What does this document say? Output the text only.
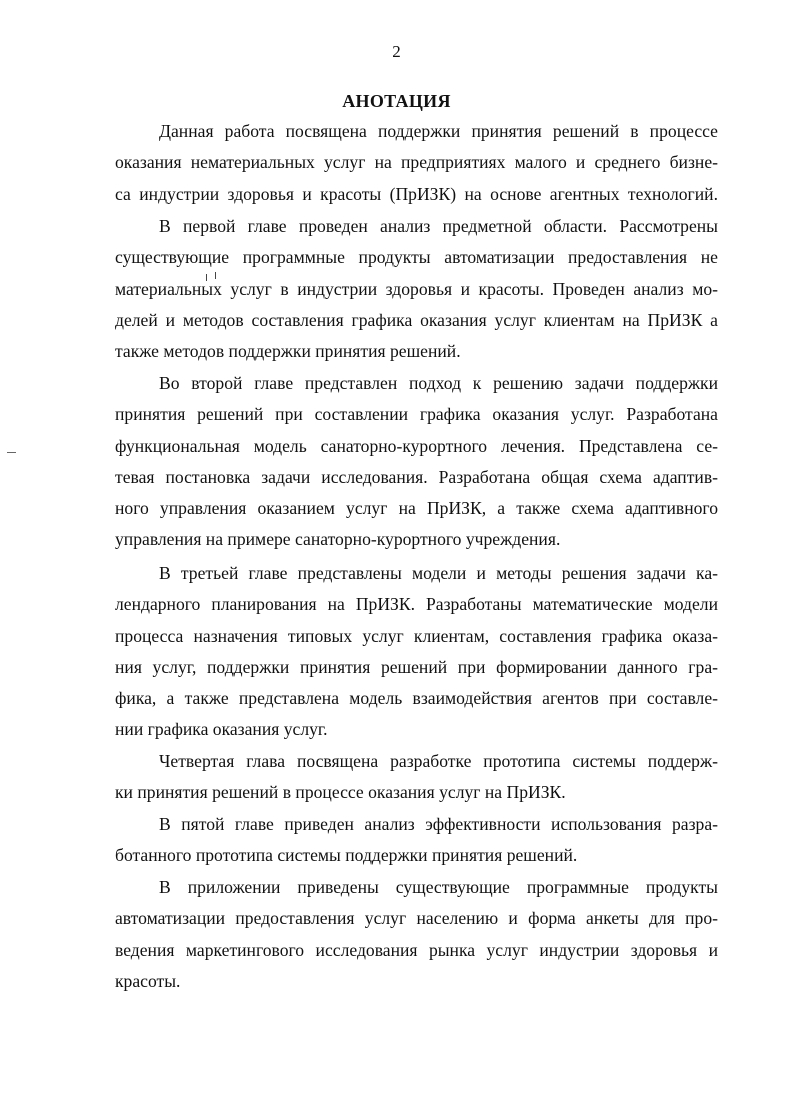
2
АНОТАЦИЯ
Данная работа посвящена поддержки принятия решений в процессе
оказания нематериальных услуг на предприятиях малого и среднего бизне-
са индустрии здоровья и красоты (ПрИЗК) на основе агентных технологий.
В первой главе проведен анализ предметной области. Рассмотрены
существующие программные продукты автоматизации предоставления не
материальных услуг в индустрии здоровья и красоты. Проведен анализ мо-
делей и методов составления графика оказания услуг клиентам на ПрИЗК а
также методов поддержки принятия решений.
Во второй главе представлен подход к решению задачи поддержки
принятия решений при составлении графика оказания услуг. Разработана
функциональная модель санаторно-курортного лечения. Представлена се-
тевая постановка задачи исследования. Разработана общая схема адаптив-
ного управления оказанием услуг на ПрИЗК, а также схема адаптивного
управления на примере санаторно-курортного учреждения.
В третьей главе представлены модели и методы решения задачи ка-
лендарного планирования на ПрИЗК. Разработаны математические модели
процесса назначения типовых услуг клиентам, составления графика оказа-
ния услуг, поддержки принятия решений при формировании данного гра-
фика, а также представлена модель взаимодействия агентов при составле-
нии графика оказания услуг.
Четвертая глава посвящена разработке прототипа системы поддерж-
ки принятия решений в процессе оказания услуг на ПрИЗК.
В пятой главе приведен анализ эффективности использования разра-
ботанного прототипа системы поддержки принятия решений.
В приложении приведены существующие программные продукты
автоматизации предоставления услуг населению и форма анкеты для про-
ведения маркетингового исследования рынка услуг индустрии здоровья и
красоты.
